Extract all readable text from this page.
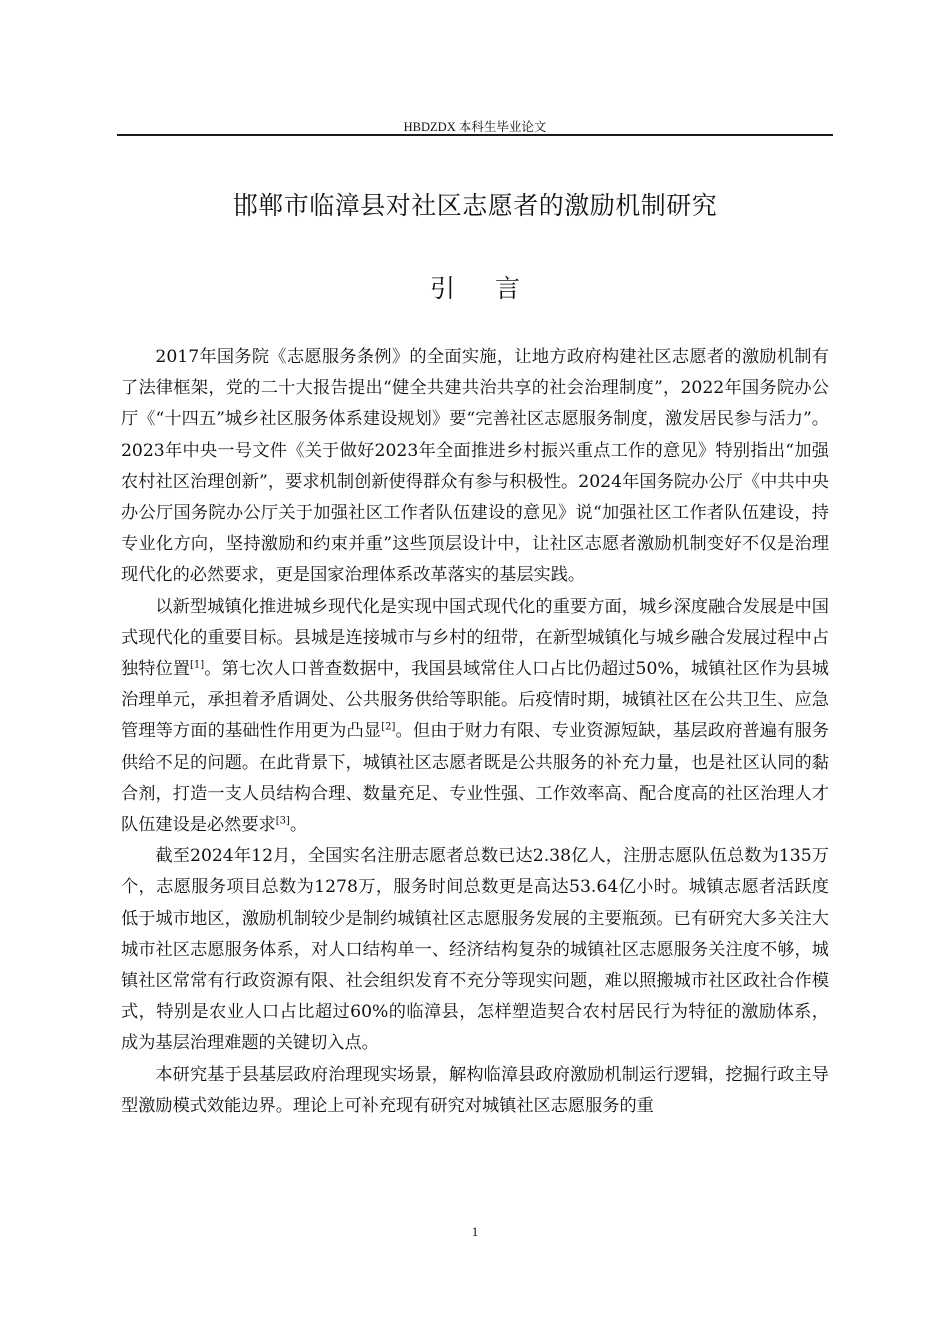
HBDZDX 本科生毕业论文
邯郸市临漳县对社区志愿者的激励机制研究
引 言

2017年国务院《志愿服务条例》的全面实施，让地方政府构建社区志愿者的激励机制有了法律框架，党的二十大报告提出“健全共建共治共享的社会治理制度”，2022年国务院办公厅《“十四五”城乡社区服务体系建设规划》要“完善社区志愿服务制度，激发居民参与活力”。2023年中央一号文件《关于做好2023年全面推进乡村振兴重点工作的意见》特别指出“加强农村社区治理创新”，要求机制创新使得群众有参与积极性。2024年国务院办公厅《中共中央办公厅国务院办公厅关于加强社区工作者队伍建设的意见》说“加强社区工作者队伍建设，持专业化方向，坚持激励和约束并重”这些顶层设计中，让社区志愿者激励机制变好不仅是治理现代化的必然要求，更是国家治理体系改革落实的基层实践。

以新型城镇化推进城乡现代化是实现中国式现代化的重要方面，城乡深度融合发展是中国式现代化的重要目标。县城是连接城市与乡村的纽带，在新型城镇化与城乡融合发展过程中占独特位置[1]。第七次人口普查数据中，我国县域常住人口占比仍超过50%，城镇社区作为县城治理单元，承担着矛盾调处、公共服务供给等职能。后疫情时期，城镇社区在公共卫生、应急管理等方面的基础性作用更为凸显[2]。但由于财力有限、专业资源短缺，基层政府普遍有服务供给不足的问题。在此背景下，城镇社区志愿者既是公共服务的补充力量，也是社区认同的黏合剂，打造一支人员结构合理、数量充足、专业性强、工作效率高、配合度高的社区治理人才队伍建设是必然要求[3]。

截至2024年12月，全国实名注册志愿者总数已达2.38亿人，注册志愿队伍总数为135万个，志愿服务项目总数为1278万，服务时间总数更是高达53.64亿小时。城镇志愿者活跃度低于城市地区，激励机制较少是制约城镇社区志愿服务发展的主要瓶颈。已有研究大多关注大城市社区志愿服务体系，对人口结构单一、经济结构复杂的城镇社区志愿服务关注度不够，城镇社区常常有行政资源有限、社会组织发育不充分等现实问题，难以照搬城市社区政社合作模式，特别是农业人口占比超过60%的临漳县，怎样塑造契合农村居民行为特征的激励体系，成为基层治理难题的关键切入点。

本研究基于县基层政府治理现实场景，解构临漳县政府激励机制运行逻辑，挖掘行政主导型激励模式效能边界。理论上可补充现有研究对城镇社区志愿服务的重

1
